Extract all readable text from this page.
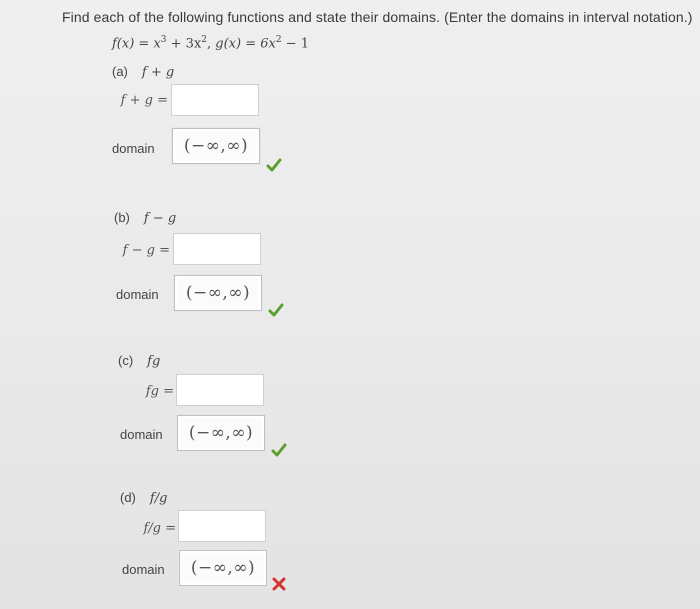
Find each of the following functions and state their domains. (Enter the domains in interval notation.)
$f(x) = x^3 + 3x^2$, $g(x) = 6x^2 - 1$
(a) f + g
f + g =
domain	(−∞,∞)
(b) f − g
f − g =
domain	(−∞,∞)
(c) fg
fg =
domain	(−∞,∞)
(d) f/g
f/g =
domain	(−∞,∞)
